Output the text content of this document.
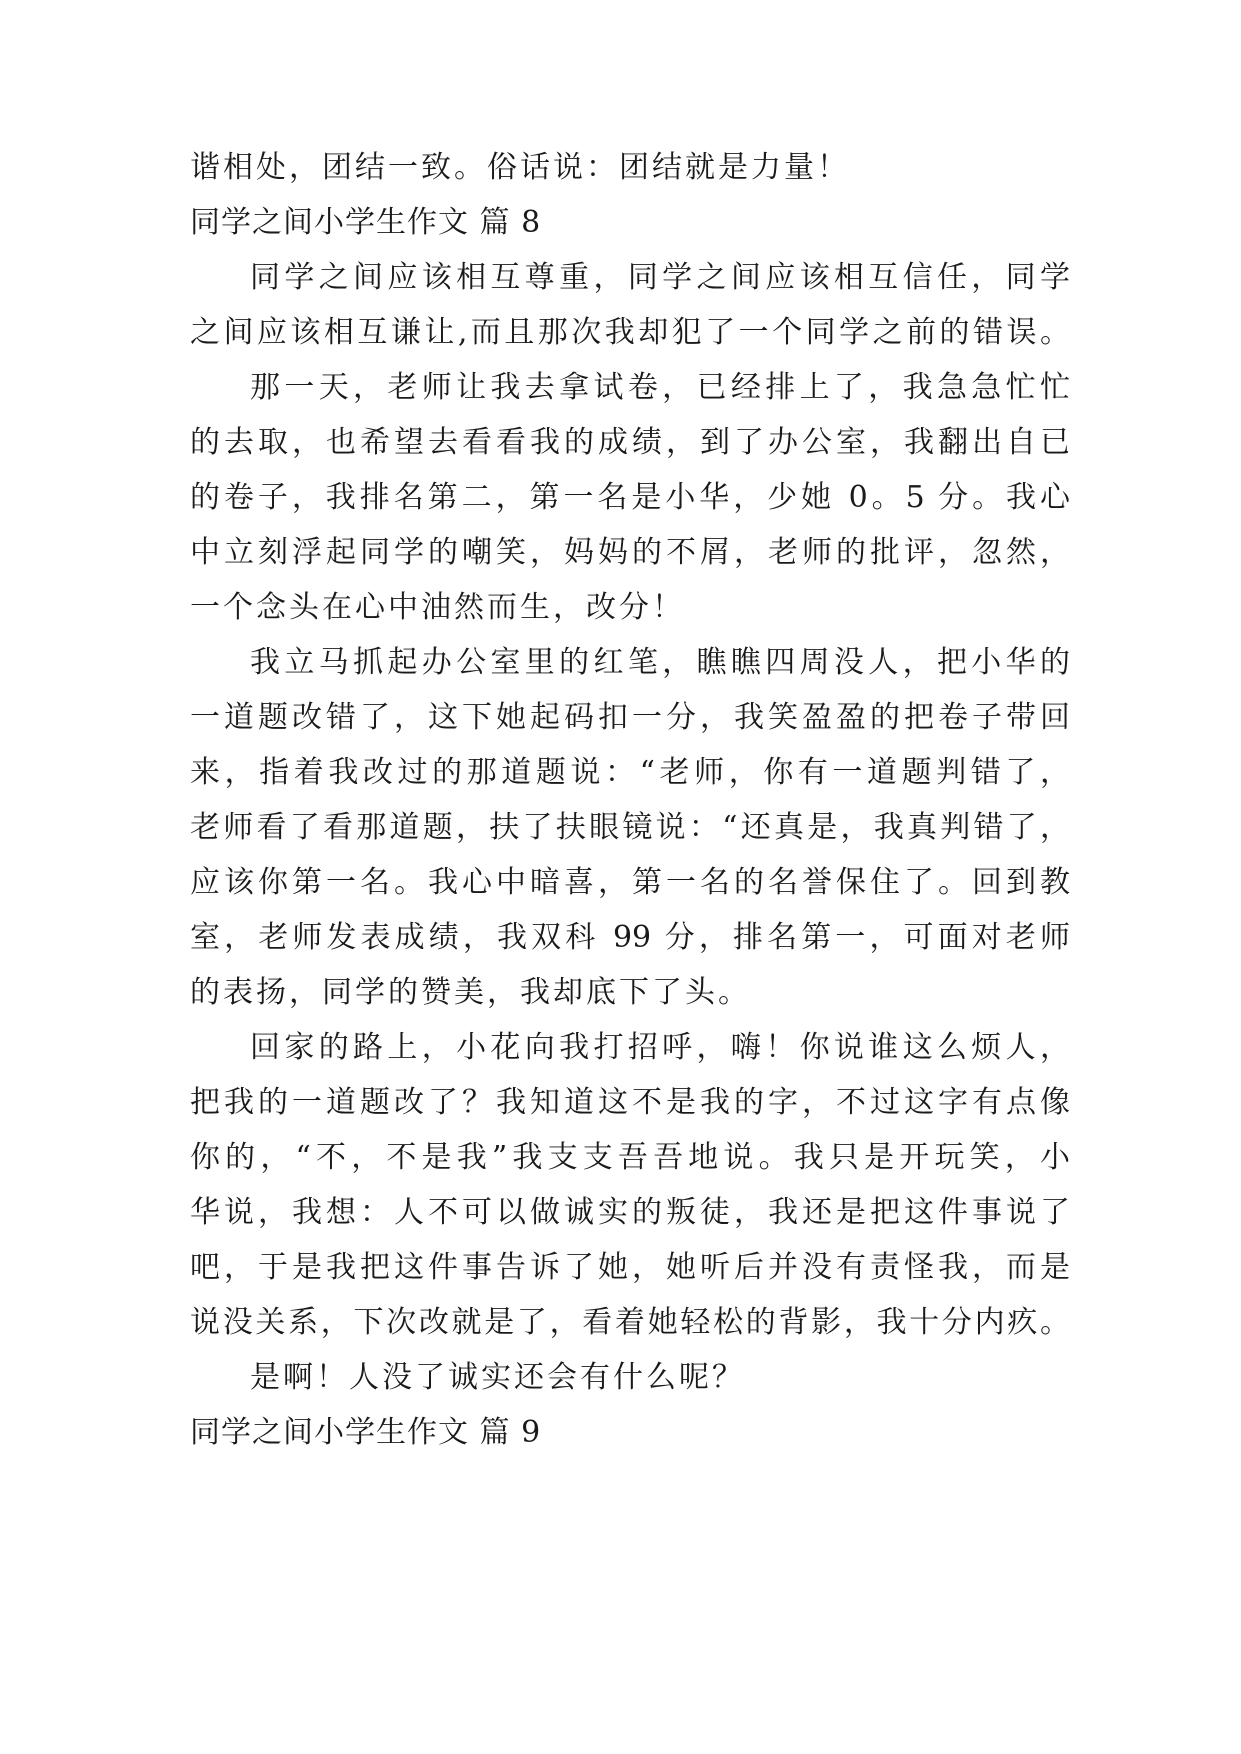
谐相处，团结一致。俗话说：团结就是力量！
同学之间小学生作文 篇 8
同学之间应该相互尊重，同学之间应该相互信任，同学
之间应该相互谦让,而且那次我却犯了一个同学之前的错误。
那一天，老师让我去拿试卷，已经排上了，我急急忙忙
的去取，也希望去看看我的成绩，到了办公室，我翻出自已
的卷子，我排名第二，第一名是小华，少她 0。5 分。我心
中立刻浮起同学的嘲笑，妈妈的不屑，老师的批评，忽然，
一个念头在心中油然而生，改分！
我立马抓起办公室里的红笔，瞧瞧四周没人，把小华的
一道题改错了，这下她起码扣一分，我笑盈盈的把卷子带回
来，指着我改过的那道题说：“老师，你有一道题判错了，
老师看了看那道题，扶了扶眼镜说：“还真是，我真判错了，
应该你第一名。我心中暗喜，第一名的名誉保住了。回到教
室，老师发表成绩，我双科 99 分，排名第一，可面对老师
的表扬，同学的赞美，我却底下了头。
回家的路上，小花向我打招呼，嗨！你说谁这么烦人，
把我的一道题改了？我知道这不是我的字，不过这字有点像
你的，“不，不是我”我支支吾吾地说。我只是开玩笑，小
华说，我想：人不可以做诚实的叛徒，我还是把这件事说了
吧，于是我把这件事告诉了她，她听后并没有责怪我，而是
说没关系，下次改就是了，看着她轻松的背影，我十分内疚。
是啊！人没了诚实还会有什么呢？
同学之间小学生作文 篇 9
